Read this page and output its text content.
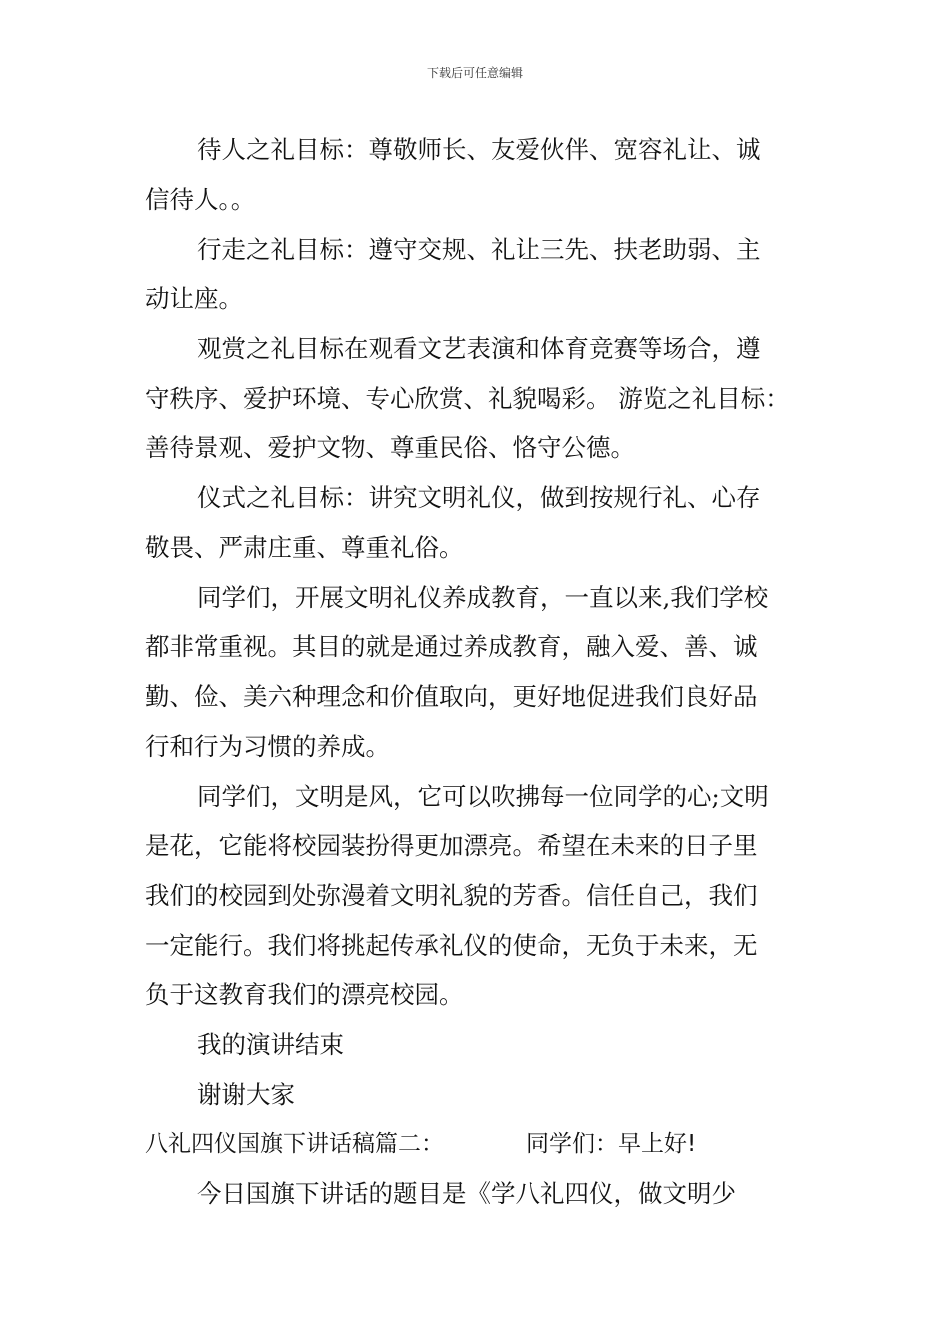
下载后可任意编辑
待人之礼目标：尊敬师长、友爱伙伴、宽容礼让、诚
信待人。。
行走之礼目标：遵守交规、礼让三先、扶老助弱、主
动让座。
观赏之礼目标在观看文艺表演和体育竞赛等场合，遵
守秩序、爱护环境、专心欣赏、礼貌喝彩。 游览之礼目标：
善待景观、爱护文物、尊重民俗、恪守公德。
仪式之礼目标：讲究文明礼仪，做到按规行礼、心存
敬畏、严肃庄重、尊重礼俗。
同学们，开展文明礼仪养成教育，一直以来,我们学校
都非常重视。其目的就是通过养成教育，融入爱、善、诚
勤、俭、美六种理念和价值取向，更好地促进我们良好品
行和行为习惯的养成。
同学们，文明是风，它可以吹拂每一位同学的心;文明
是花，它能将校园装扮得更加漂亮。希望在未来的日子里
我们的校园到处弥漫着文明礼貌的芳香。信任自己，我们
一定能行。我们将挑起传承礼仪的使命，无负于未来，无
负于这教育我们的漂亮校园。
我的演讲结束
谢谢大家
八礼四仪国旗下讲话稿篇二：	同学们：早上好!
今日国旗下讲话的题目是《学八礼四仪，做文明少
